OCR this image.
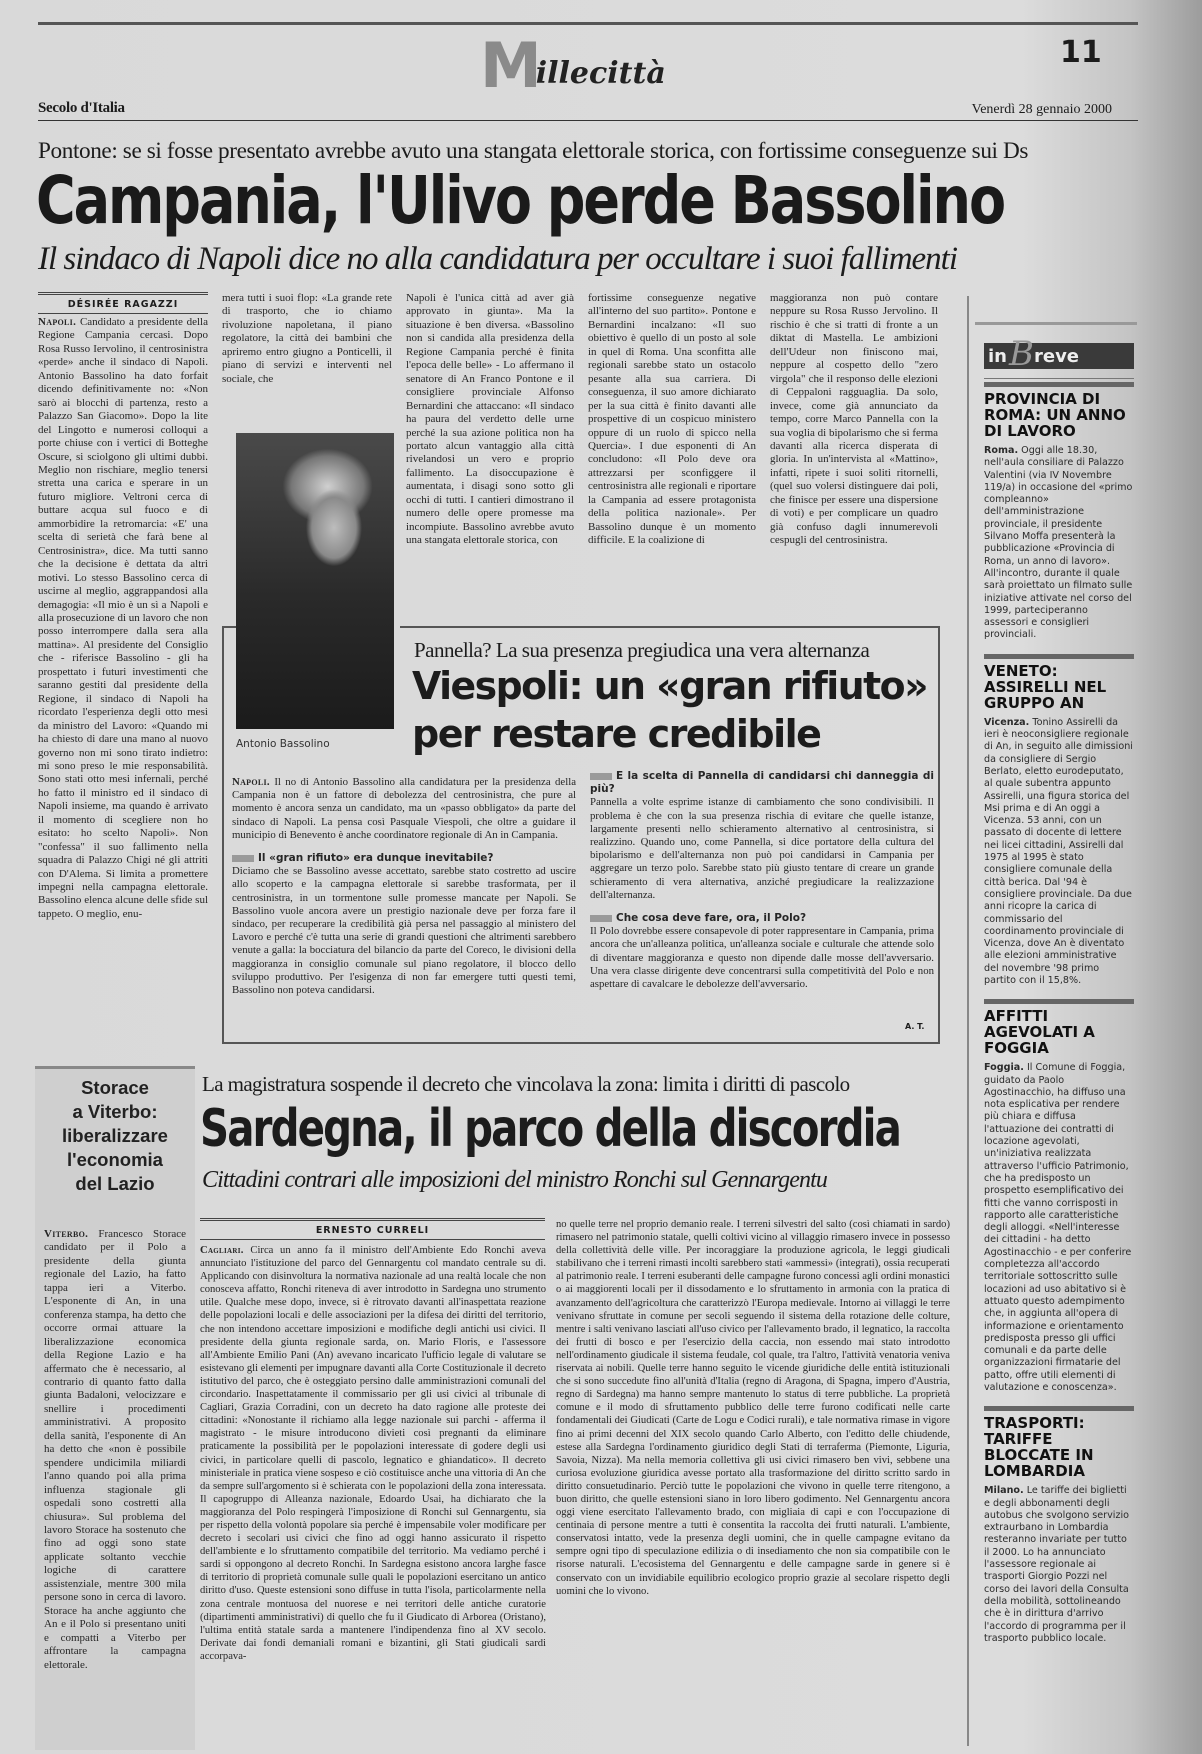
M
illecittà
11
Secolo d'Italia	Venerdì 28 gennaio 2000
Pontone: se si fosse presentato avrebbe avuto una stangata elettorale storica, con fortissime conseguenze sui Ds
Campania, l'Ulivo perde Bassolino
Il sindaco di Napoli dice no alla candidatura per occultare i suoi fallimenti
DÉSIRÉE RAGAZZI

Napoli. Candidato a presidente della Regione Campania cercasi. Dopo Rosa Russo Iervolino, il centrosinistra «perde» anche il sindaco di Napoli. Antonio Bassolino ha dato forfait dicendo definitivamente no: «Non sarò ai blocchi di partenza, resto a Palazzo San Giacomo». Dopo la lite del Lingotto e numerosi colloqui a porte chiuse con i vertici di Botteghe Oscure, si sciolgono gli ultimi dubbi. Meglio non rischiare, meglio tenersi stretta una carica e sperare in un futuro migliore. Veltroni cerca di buttare acqua sul fuoco e di ammorbidire la retromarcia: «E' una scelta di serietà che farà bene al Centrosinistra», dice. Ma tutti sanno che la decisione è dettata da altri motivi. Lo stesso Bassolino cerca di uscirne al meglio, aggrappandosi alla demagogia: «Il mio è un sì a Napoli e alla prosecuzione di un lavoro che non posso interrompere dalla sera alla mattina». Al presidente del Consiglio che - riferisce Bassolino - gli ha prospettato i futuri investimenti che saranno gestiti dal presidente della Regione, il sindaco di Napoli ha ricordato l'esperienza degli otto mesi da ministro del Lavoro: «Quando mi ha chiesto di dare una mano al nuovo governo non mi sono tirato indietro: mi sono preso le mie responsabilità. Sono stati otto mesi infernali, perché ho fatto il ministro ed il sindaco di Napoli insieme, ma quando è arrivato il momento di scegliere non ho esitato: ho scelto Napoli». Non "confessa" il suo fallimento nella squadra di Palazzo Chigi né gli attriti con D'Alema. Si limita a promettere impegni nella campagna elettorale. Bassolino elenca alcune delle sfide sul tappeto. O meglio, enu-

mera tutti i suoi flop: «La grande rete di trasporto, che io chiamo rivoluzione napoletana, il piano regolatore, la città dei bambini che apriremo entro giugno a Ponticelli, il piano di servizi e interventi nel sociale, che

Napoli è l'unica città ad aver già approvato in giunta». Ma la situazione è ben diversa. «Bassolino non si candida alla presidenza della Regione Campania perché è finita l'epoca delle belle» - Lo affermano il senatore di An Franco Pontone e il consigliere provinciale Alfonso Bernardini che attaccano: «Il sindaco ha paura del verdetto delle urne perché la sua azione politica non ha portato alcun vantaggio alla città rivelandosi un vero e proprio fallimento. La disoccupazione è aumentata, i disagi sono sotto gli occhi di tutti. I cantieri dimostrano il numero delle opere promesse ma incompiute. Bassolino avrebbe avuto una stangata elettorale storica, con

fortissime conseguenze negative all'interno del suo partito». Pontone e Bernardini incalzano: «Il suo obiettivo è quello di un posto al sole in quel di Roma. Una sconfitta alle regionali sarebbe stato un ostacolo pesante alla sua carriera. Di conseguenza, il suo amore dichiarato per la sua città è finito davanti alle prospettive di un cospicuo ministero oppure di un ruolo di spicco nella Quercia». I due esponenti di An concludono: «Il Polo deve ora attrezzarsi per sconfiggere il centrosinistra alle regionali e riportare la Campania ad essere protagonista della politica nazionale». Per Bassolino dunque è un momento difficile. E la coalizione di

maggioranza non può contare neppure su Rosa Russo Jervolino. Il rischio è che si tratti di fronte a un diktat di Mastella. Le ambizioni dell'Udeur non finiscono mai, neppure al cospetto dello "zero virgola" che il responso delle elezioni di Ceppaloni ragguaglia. Da solo, invece, come già annunciato da tempo, corre Marco Pannella con la sua voglia di bipolarismo che si ferma davanti alla ricerca disperata di gloria. In un'intervista al «Mattino», infatti, ripete i suoi soliti ritornelli, (quel suo volersi distinguere dai poli, che finisce per essere una dispersione di voti) e per complicare un quadro già confuso dagli innumerevoli cespugli del centrosinistra.

Antonio Bassolino
Pannella? La sua presenza pregiudica una vera alternanza
Viespoli: un «gran rifiuto»
per restare credibile

Napoli. Il no di Antonio Bassolino alla candidatura per la presidenza della Campania non è un fattore di debolezza del centrosinistra, che pure al momento è ancora senza un candidato, ma un «passo obbligato» da parte del sindaco di Napoli. La pensa così Pasquale Viespoli, che oltre a guidare il municipio di Benevento è anche coordinatore regionale di An in Campania.

Il «gran rifiuto» era dunque inevitabile?

Diciamo che se Bassolino avesse accettato, sarebbe stato costretto ad uscire allo scoperto e la campagna elettorale si sarebbe trasformata, per il centrosinistra, in un tormentone sulle promesse mancate per Napoli. Se Bassolino vuole ancora avere un prestigio nazionale deve per forza fare il sindaco, per recuperare la credibilità già persa nel passaggio al ministero del Lavoro e perché c'è tutta una serie di grandi questioni che altrimenti sarebbero venute a galla: la bocciatura del bilancio da parte del Coreco, le divisioni della maggioranza in consiglio comunale sul piano regolatore, il blocco dello sviluppo produttivo. Per l'esigenza di non far emergere tutti questi temi, Bassolino non poteva candidarsi.

E la scelta di Pannella di candidarsi chi danneggia di più?

Pannella a volte esprime istanze di cambiamento che sono condivisibili. Il problema è che con la sua presenza rischia di evitare che quelle istanze, largamente presenti nello schieramento alternativo al centrosinistra, si realizzino. Quando uno, come Pannella, si dice portatore della cultura del bipolarismo e dell'alternanza non può poi candidarsi in Campania per aggregare un terzo polo. Sarebbe stato più giusto tentare di creare un grande schieramento di vera alternativa, anziché pregiudicare la realizzazione dell'alternanza.

Che cosa deve fare, ora, il Polo?

Il Polo dovrebbe essere consapevole di poter rappresentare in Campania, prima ancora che un'alleanza politica, un'alleanza sociale e culturale che attende solo di diventare maggioranza e questo non dipende dalle mosse dell'avversario. Una vera classe dirigente deve concentrarsi sulla competitività del Polo e non aspettare di cavalcare le debolezze dell'avversario.

A. T.
Storace
a Viterbo:
liberalizzare
l'economia
del Lazio

Viterbo. Francesco Storace candidato per il Polo a presidente della giunta regionale del Lazio, ha fatto tappa ieri a Viterbo. L'esponente di An, in una conferenza stampa, ha detto che occorre ormai attuare la liberalizzazione economica della Regione Lazio e ha affermato che è necessario, al contrario di quanto fatto dalla giunta Badaloni, velocizzare e snellire i procedimenti amministrativi. A proposito della sanità, l'esponente di An ha detto che «non è possibile spendere undicimila miliardi l'anno quando poi alla prima influenza stagionale gli ospedali sono costretti alla chiusura». Sul problema del lavoro Storace ha sostenuto che fino ad oggi sono state applicate soltanto vecchie logiche di carattere assistenziale, mentre 300 mila persone sono in cerca di lavoro. Storace ha anche aggiunto che An e il Polo si presentano uniti e compatti a Viterbo per affrontare la campagna elettorale.

La magistratura sospende il decreto che vincolava la zona: limita i diritti di pascolo
Sardegna, il parco della discordia
Cittadini contrari alle imposizioni del ministro Ronchi sul Gennargentu
ERNESTO CURRELI

Cagliari. Circa un anno fa il ministro dell'Ambiente Edo Ronchi aveva annunciato l'istituzione del parco del Gennargentu col mandato centrale su di. Applicando con disinvoltura la normativa nazionale ad una realtà locale che non conosceva affatto, Ronchi riteneva di aver introdotto in Sardegna uno strumento utile. Qualche mese dopo, invece, si è ritrovato davanti all'inaspettata reazione delle popolazioni locali e delle associazioni per la difesa dei diritti del territorio, che non intendono accettare imposizioni e modifiche degli antichi usi civici. Il presidente della giunta regionale sarda, on. Mario Floris, e l'assessore all'Ambiente Emilio Pani (An) avevano incaricato l'ufficio legale di valutare se esistevano gli elementi per impugnare davanti alla Corte Costituzionale il decreto istitutivo del parco, che è osteggiato persino dalle amministrazioni comunali del circondario. Inaspettatamente il commissario per gli usi civici al tribunale di Cagliari, Grazia Corradini, con un decreto ha dato ragione alle proteste dei cittadini: «Nonostante il richiamo alla legge nazionale sui parchi - afferma il magistrato - le misure introducono divieti così pregnanti da eliminare praticamente la possibilità per le popolazioni interessate di godere degli usi civici, in particolare quelli di pascolo, legnatico e ghiandatico». Il decreto ministeriale in pratica viene sospeso e ciò costituisce anche una vittoria di An che da sempre sull'argomento si è schierata con le popolazioni della zona interessata. Il capogruppo di Alleanza nazionale, Edoardo Usai, ha dichiarato che la maggioranza del Polo respingerà l'imposizione di Ronchi sul Gennargentu, sia per rispetto della volontà popolare sia perché è impensabile voler modificare per decreto i secolari usi civici che fino ad oggi hanno assicurato il rispetto dell'ambiente e lo sfruttamento compatibile del territorio. Ma vediamo perché i sardi si oppongono al decreto Ronchi. In Sardegna esistono ancora larghe fasce di territorio di proprietà comunale sulle quali le popolazioni esercitano un antico diritto d'uso. Queste estensioni sono diffuse in tutta l'isola, particolarmente nella zona centrale montuosa del nuorese e nei territori delle antiche curatorie (dipartimenti amministrativi) di quello che fu il Giudicato di Arborea (Oristano), l'ultima entità statale sarda a mantenere l'indipendenza fino al XV secolo. Derivate dai fondi demaniali romani e bizantini, gli Stati giudicali sardi accorpava-

no quelle terre nel proprio demanio reale. I terreni silvestri del salto (così chiamati in sardo) rimasero nel patrimonio statale, quelli coltivi vicino al villaggio rimasero invece in possesso della collettività delle ville. Per incoraggiare la produzione agricola, le leggi giudicali stabilivano che i terreni rimasti incolti sarebbero stati «ammessi» (integrati), ossia recuperati al patrimonio reale. I terreni esuberanti delle campagne furono concessi agli ordini monastici o ai maggiorenti locali per il dissodamento e lo sfruttamento in armonia con la pratica di avanzamento dell'agricoltura che caratterizzò l'Europa medievale. Intorno ai villaggi le terre venivano sfruttate in comune per secoli seguendo il sistema della rotazione delle colture, mentre i salti venivano lasciati all'uso civico per l'allevamento brado, il legnatico, la raccolta dei frutti di bosco e per l'esercizio della caccia, non essendo mai stato introdotto nell'ordinamento giudicale il sistema feudale, col quale, tra l'altro, l'attività venatoria veniva riservata ai nobili. Quelle terre hanno seguito le vicende giuridiche delle entità istituzionali che si sono succedute fino all'unità d'Italia (regno di Aragona, di Spagna, impero d'Austria, regno di Sardegna) ma hanno sempre mantenuto lo status di terre pubbliche. La proprietà comune e il modo di sfruttamento pubblico delle terre furono codificati nelle carte fondamentali dei Giudicati (Carte de Logu e Codici rurali), e tale normativa rimase in vigore fino ai primi decenni del XIX secolo quando Carlo Alberto, con l'editto delle chiudende, estese alla Sardegna l'ordinamento giuridico degli Stati di terraferma (Piemonte, Liguria, Savoia, Nizza). Ma nella memoria collettiva gli usi civici rimasero ben vivi, sebbene una curiosa evoluzione giuridica avesse portato alla trasformazione del diritto scritto sardo in diritto consuetudinario. Perciò tutte le popolazioni che vivono in quelle terre ritengono, a buon diritto, che quelle estensioni siano in loro libero godimento. Nel Gennargentu ancora oggi viene esercitato l'allevamento brado, con migliaia di capi e con l'occupazione di centinaia di persone mentre a tutti è consentita la raccolta dei frutti naturali. L'ambiente, conservatosi intatto, vede la presenza degli uomini, che in quelle campagne evitano da sempre ogni tipo di speculazione edilizia o di insediamento che non sia compatibile con le risorse naturali. L'ecosistema del Gennargentu e delle campagne sarde in genere si è conservato con un invidiabile equilibrio ecologico proprio grazie al secolare rispetto degli uomini che lo vivono.

in B reve
PROVINCIA DI ROMA: UN ANNO DI LAVORO
Roma. Oggi alle 18.30, nell'aula consiliare di Palazzo Valentini (via IV Novembre 119/a) in occasione del «primo compleanno» dell'amministrazione provinciale, il presidente Silvano Moffa presenterà la pubblicazione «Provincia di Roma, un anno di lavoro». All'incontro, durante il quale sarà proiettato un filmato sulle iniziative attivate nel corso del 1999, parteciperanno assessori e consiglieri provinciali.
VENETO: ASSIRELLI NEL GRUPPO AN
Vicenza. Tonino Assirelli da ieri è neoconsigliere regionale di An, in seguito alle dimissioni da consigliere di Sergio Berlato, eletto eurodeputato, al quale subentra appunto Assirelli, una figura storica del Msi prima e di An oggi a Vicenza. 53 anni, con un passato di docente di lettere nei licei cittadini, Assirelli dal 1975 al 1995 è stato consigliere comunale della città berica. Dal '94 è consigliere provinciale. Da due anni ricopre la carica di commissario del coordinamento provinciale di Vicenza, dove An è diventato alle elezioni amministrative del novembre '98 primo partito con il 15,8%.
AFFITTI AGEVOLATI A FOGGIA
Foggia. Il Comune di Foggia, guidato da Paolo Agostinacchio, ha diffuso una nota esplicativa per rendere più chiara e diffusa l'attuazione dei contratti di locazione agevolati, un'iniziativa realizzata attraverso l'ufficio Patrimonio, che ha predisposto un prospetto esemplificativo dei fitti che vanno corrisposti in rapporto alle caratteristiche degli alloggi. «Nell'interesse dei cittadini - ha detto Agostinacchio - e per conferire completezza all'accordo territoriale sottoscritto sulle locazioni ad uso abitativo si è attuato questo adempimento che, in aggiunta all'opera di informazione e orientamento predisposta presso gli uffici comunali e da parte delle organizzazioni firmatarie del patto, offre utili elementi di valutazione e conoscenza».
TRASPORTI: TARIFFE BLOCCATE IN LOMBARDIA
Milano. Le tariffe dei biglietti e degli abbonamenti degli autobus che svolgono servizio extraurbano in Lombardia resteranno invariate per tutto il 2000. Lo ha annunciato l'assessore regionale ai trasporti Giorgio Pozzi nel corso dei lavori della Consulta della mobilità, sottolineando che è in dirittura d'arrivo l'accordo di programma per il trasporto pubblico locale.
